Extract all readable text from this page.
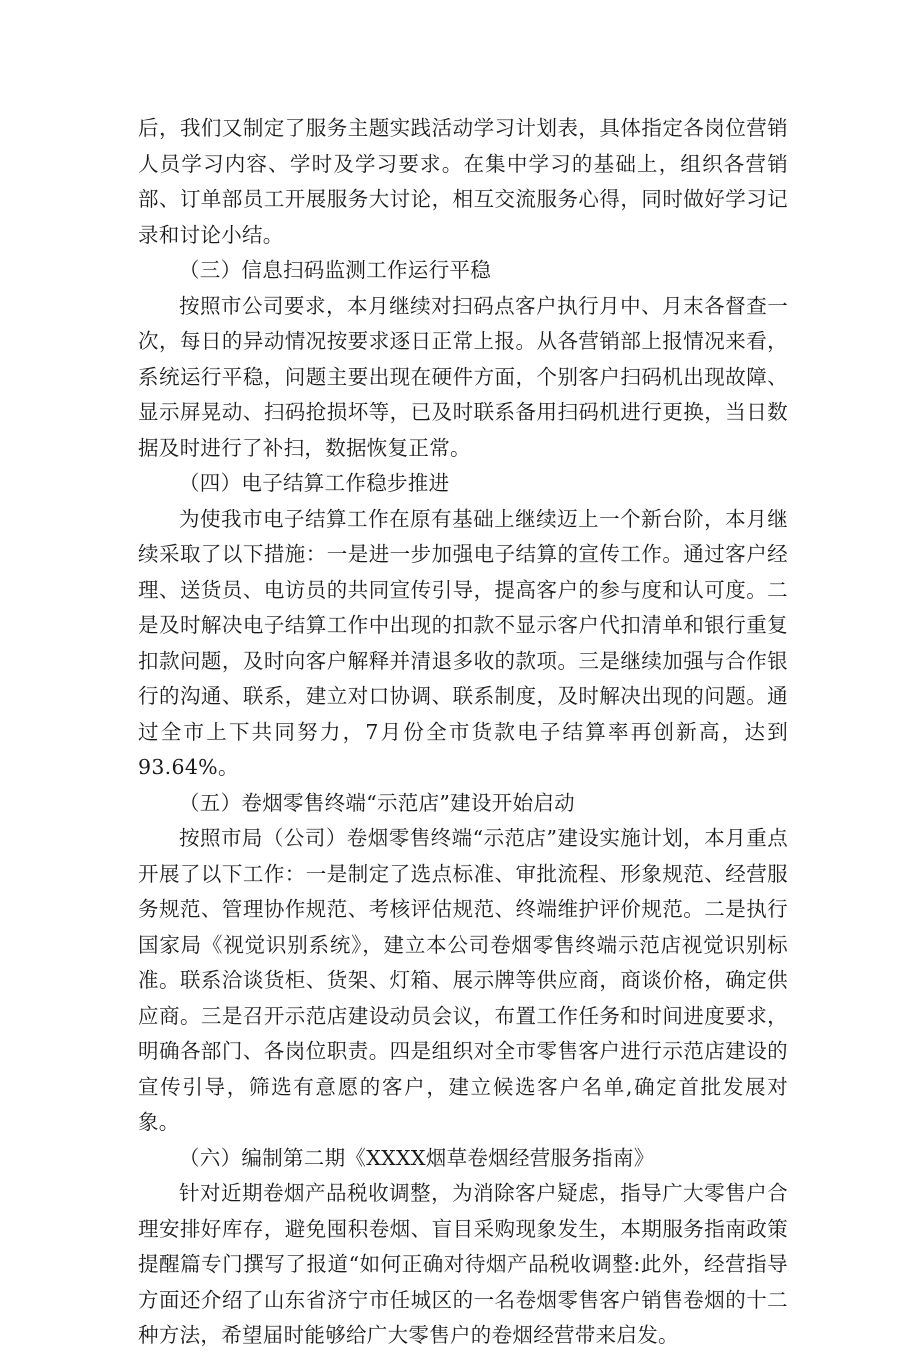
后，我们又制定了服务主题实践活动学习计划表，具体指定各岗位营销人员学习内容、学时及学习要求。在集中学习的基础上，组织各营销部、订单部员工开展服务大讨论，相互交流服务心得，同时做好学习记录和讨论小结。

（三）信息扫码监测工作运行平稳

按照市公司要求，本月继续对扫码点客户执行月中、月末各督查一次，每日的异动情况按要求逐日正常上报。从各营销部上报情况来看，系统运行平稳，问题主要出现在硬件方面，个别客户扫码机出现故障、显示屏晃动、扫码抢损坏等，已及时联系备用扫码机进行更换，当日数据及时进行了补扫，数据恢复正常。

（四）电子结算工作稳步推进

为使我市电子结算工作在原有基础上继续迈上一个新台阶，本月继续采取了以下措施：一是进一步加强电子结算的宣传工作。通过客户经理、送货员、电访员的共同宣传引导，提高客户的参与度和认可度。二是及时解决电子结算工作中出现的扣款不显示客户代扣清单和银行重复扣款问题，及时向客户解释并清退多收的款项。三是继续加强与合作银行的沟通、联系，建立对口协调、联系制度，及时解决出现的问题。通过全市上下共同努力，7月份全市货款电子结算率再创新高，达到93.64%。

（五）卷烟零售终端“示范店”建设开始启动

按照市局（公司）卷烟零售终端“示范店”建设实施计划，本月重点开展了以下工作：一是制定了选点标准、审批流程、形象规范、经营服务规范、管理协作规范、考核评估规范、终端维护评价规范。二是执行国家局《视觉识别系统》，建立本公司卷烟零售终端示范店视觉识别标准。联系洽谈货柜、货架、灯箱、展示牌等供应商，商谈价格，确定供应商。三是召开示范店建设动员会议，布置工作任务和时间进度要求，明确各部门、各岗位职责。四是组织对全市零售客户进行示范店建设的宣传引导，筛选有意愿的客户，建立候选客户名单,确定首批发展对象。

（六）编制第二期《XXXX烟草卷烟经营服务指南》

针对近期卷烟产品税收调整，为消除客户疑虑，指导广大零售户合理安排好库存，避免囤积卷烟、盲目采购现象发生，本期服务指南政策提醒篇专门撰写了报道“如何正确对待烟产品税收调整:此外，经营指导方面还介绍了山东省济宁市任城区的一名卷烟零售客户销售卷烟的十二种方法，希望届时能够给广大零售户的卷烟经营带来启发。
